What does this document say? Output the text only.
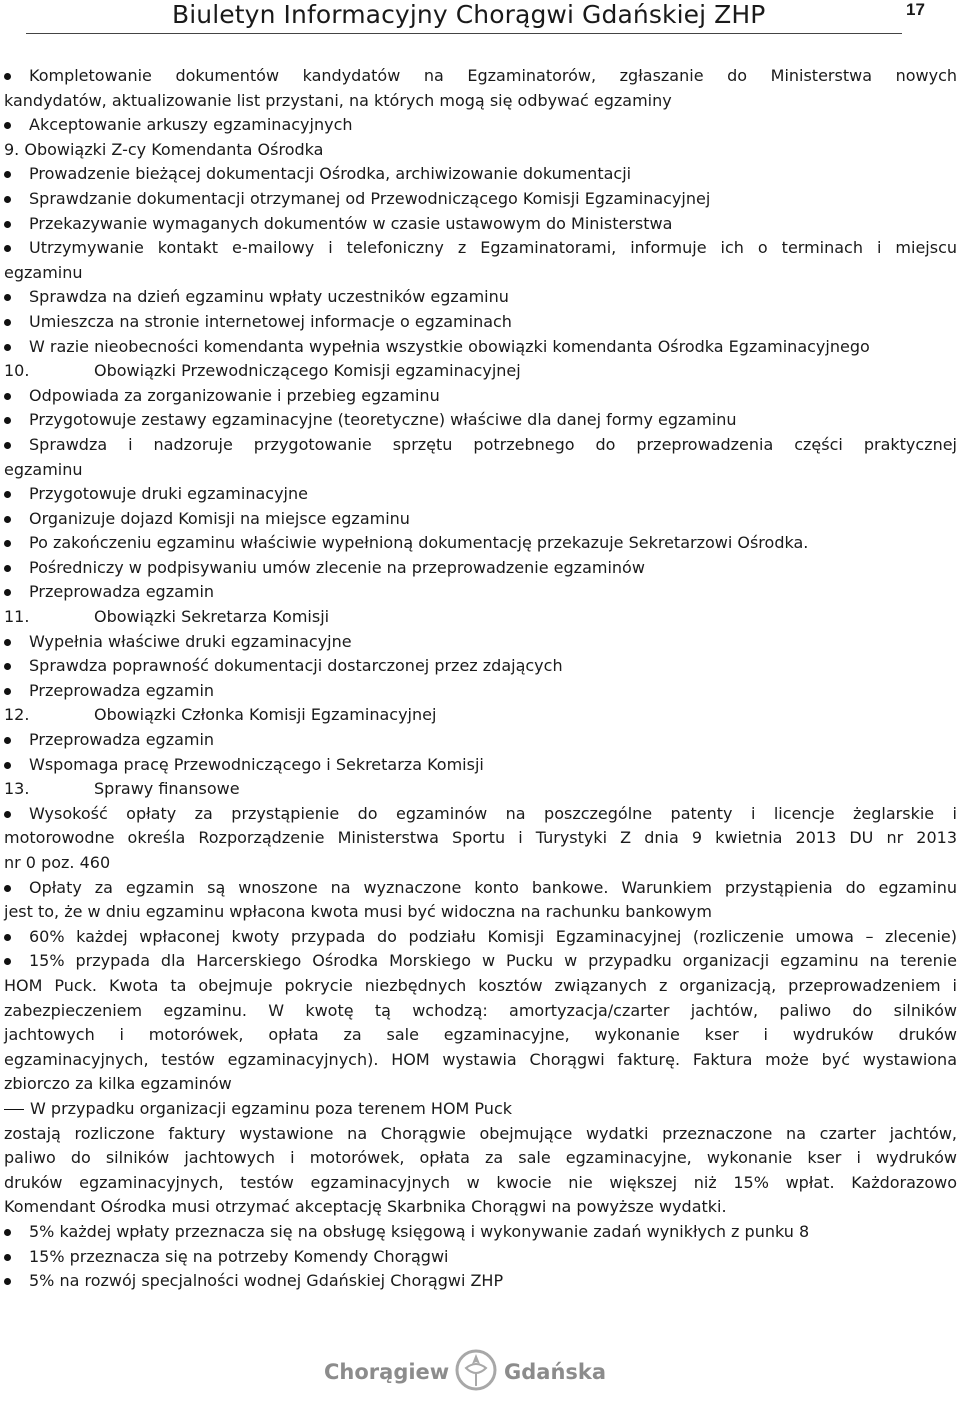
Biuletyn Informacyjny Chorągwi Gdańskiej ZHP	17
Kompletowanie dokumentów kandydatów na Egzaminatorów, zgłaszanie do Ministerstwa nowych
kandydatów, aktualizowanie list przystani, na których mogą się odbywać egzaminy
Akceptowanie arkuszy egzaminacyjnych
9. Obowiązki Z-cy Komendanta Ośrodka
Prowadzenie bieżącej dokumentacji Ośrodka, archiwizowanie dokumentacji
Sprawdzanie dokumentacji otrzymanej od Przewodniczącego Komisji Egzaminacyjnej
Przekazywanie wymaganych dokumentów w czasie ustawowym do Ministerstwa
Utrzymywanie kontakt e-mailowy i telefoniczny z Egzaminatorami, informuje ich o terminach i miejscu
egzaminu
Sprawdza na dzień egzaminu wpłaty uczestników egzaminu
Umieszcza na stronie internetowej informacje o egzaminach
W razie nieobecności komendanta wypełnia wszystkie obowiązki komendanta Ośrodka Egzaminacyjnego
10.	Obowiązki Przewodniczącego Komisji egzaminacyjnej
Odpowiada za zorganizowanie i przebieg egzaminu
Przygotowuje zestawy egzaminacyjne (teoretyczne) właściwe dla danej formy egzaminu
Sprawdza i nadzoruje przygotowanie sprzętu potrzebnego do przeprowadzenia części praktycznej
egzaminu
Przygotowuje druki egzaminacyjne
Organizuje dojazd Komisji na miejsce egzaminu
Po zakończeniu egzaminu właściwie wypełnioną dokumentację przekazuje Sekretarzowi Ośrodka.
Pośredniczy w podpisywaniu umów zlecenie na przeprowadzenie egzaminów
Przeprowadza egzamin
11.	Obowiązki Sekretarza Komisji
Wypełnia właściwe druki egzaminacyjne
Sprawdza poprawność dokumentacji dostarczonej przez zdających
Przeprowadza egzamin
12.	Obowiązki Członka Komisji Egzaminacyjnej
Przeprowadza egzamin
Wspomaga pracę Przewodniczącego i Sekretarza Komisji
13.	Sprawy finansowe
Wysokość opłaty za przystąpienie do egzaminów na poszczególne patenty i licencje żeglarskie i
motorowodne określa Rozporządzenie Ministerstwa Sportu i Turystyki Z dnia 9 kwietnia 2013 DU nr 2013
nr 0 poz. 460
Opłaty za egzamin są wnoszone na wyznaczone konto bankowe. Warunkiem przystąpienia do egzaminu
jest to, że w dniu egzaminu wpłacona kwota musi być widoczna na rachunku bankowym
60% każdej wpłaconej kwoty przypada do podziału Komisji Egzaminacyjnej (rozliczenie umowa – zlecenie)
15% przypada dla Harcerskiego Ośrodka Morskiego w Pucku w przypadku organizacji egzaminu na terenie
HOM Puck. Kwota ta obejmuje pokrycie niezbędnych kosztów związanych z organizacją, przeprowadzeniem i
zabezpieczeniem egzaminu. W kwotę tą wchodzą: amortyzacja/czarter jachtów, paliwo do silników
jachtowych i motorówek, opłata za sale egzaminacyjne, wykonanie kser i wydruków druków
egzaminacyjnych, testów egzaminacyjnych). HOM wystawia Chorągwi fakturę. Faktura może być wystawiona
zbiorczo za kilka egzaminów
W przypadku organizacji egzaminu poza terenem HOM Puck
zostają rozliczone faktury wystawione na Chorągwie obejmujące wydatki przeznaczone na czarter jachtów,
paliwo do silników jachtowych i motorówek, opłata za sale egzaminacyjne, wykonanie kser i wydruków
druków egzaminacyjnych, testów egzaminacyjnych w kwocie nie większej niż 15% wpłat. Każdorazowo
Komendant Ośrodka musi otrzymać akceptację Skarbnika Chorągwi na powyższe wydatki.
5% każdej wpłaty przeznacza się na obsługę księgową i wykonywanie zadań wynikłych z punku 8
15% przeznacza się na potrzeby Komendy Chorągwi
5% na rozwój specjalności wodnej Gdańskiej Chorągwi ZHP
Chorągiew	Gdańska
